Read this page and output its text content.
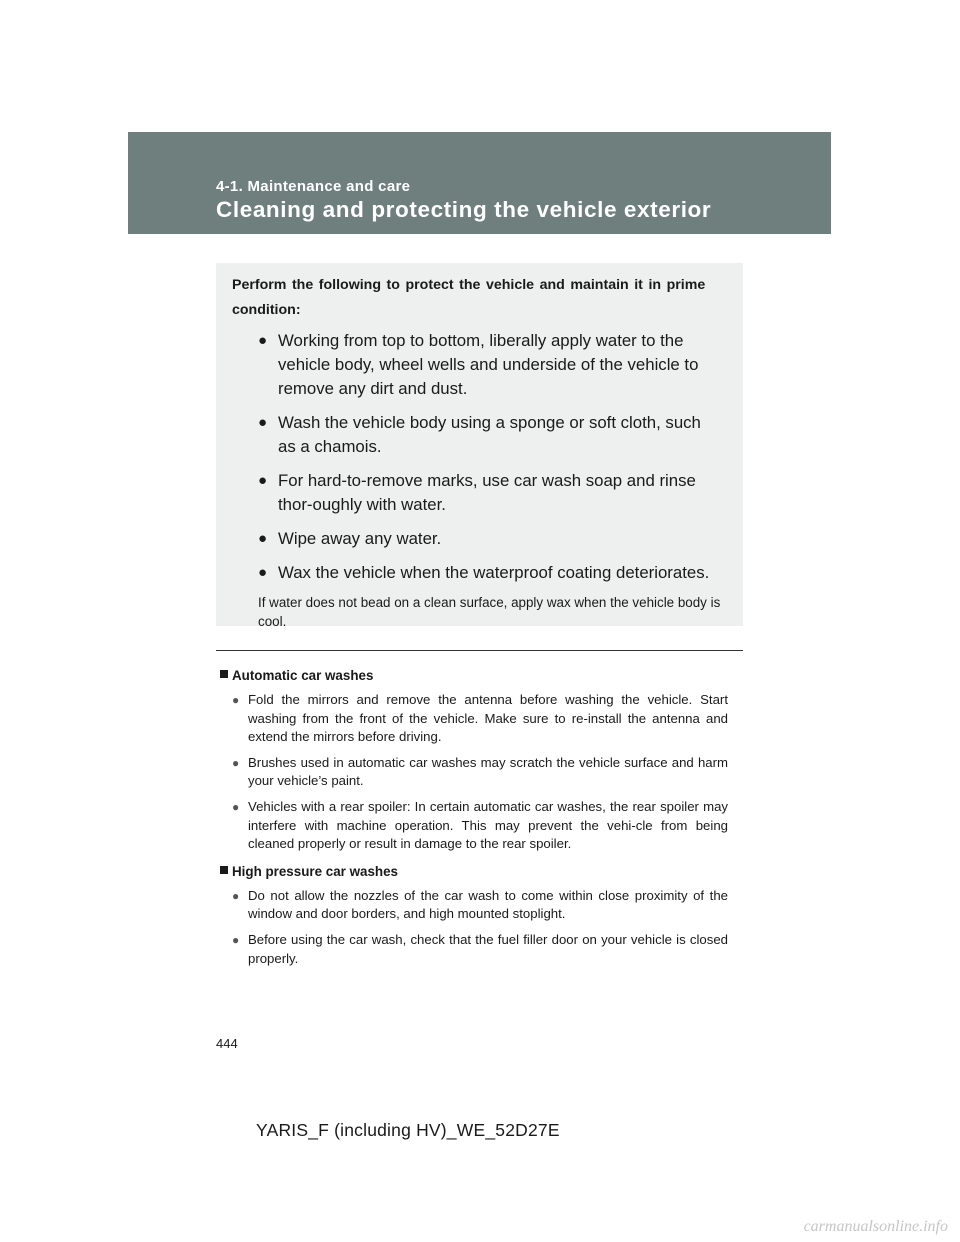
4-1. Maintenance and care
Cleaning and protecting the vehicle exterior

Perform the following to protect the vehicle and maintain it in prime condition:

● Working from top to bottom, liberally apply water to the vehicle body, wheel wells and underside of the vehicle to remove any dirt and dust.
● Wash the vehicle body using a sponge or soft cloth, such as a chamois.
● For hard-to-remove marks, use car wash soap and rinse thor-oughly with water.
● Wipe away any water.
● Wax the vehicle when the waterproof coating deteriorates.

If water does not bead on a clean surface, apply wax when the vehicle body is cool.

Automatic car washes
● Fold the mirrors and remove the antenna before washing the vehicle. Start washing from the front of the vehicle. Make sure to re-install the antenna and extend the mirrors before driving.
● Brushes used in automatic car washes may scratch the vehicle surface and harm your vehicle’s paint.
● Vehicles with a rear spoiler: In certain automatic car washes, the rear spoiler may interfere with machine operation. This may prevent the vehi-cle from being cleaned properly or result in damage to the rear spoiler.
High pressure car washes
● Do not allow the nozzles of the car wash to come within close proximity of the window and door borders, and high mounted stoplight.
● Before using the car wash, check that the fuel filler door on your vehicle is closed properly.
444
YARIS_F (including HV)_WE_52D27E
carmanualsonline.info
